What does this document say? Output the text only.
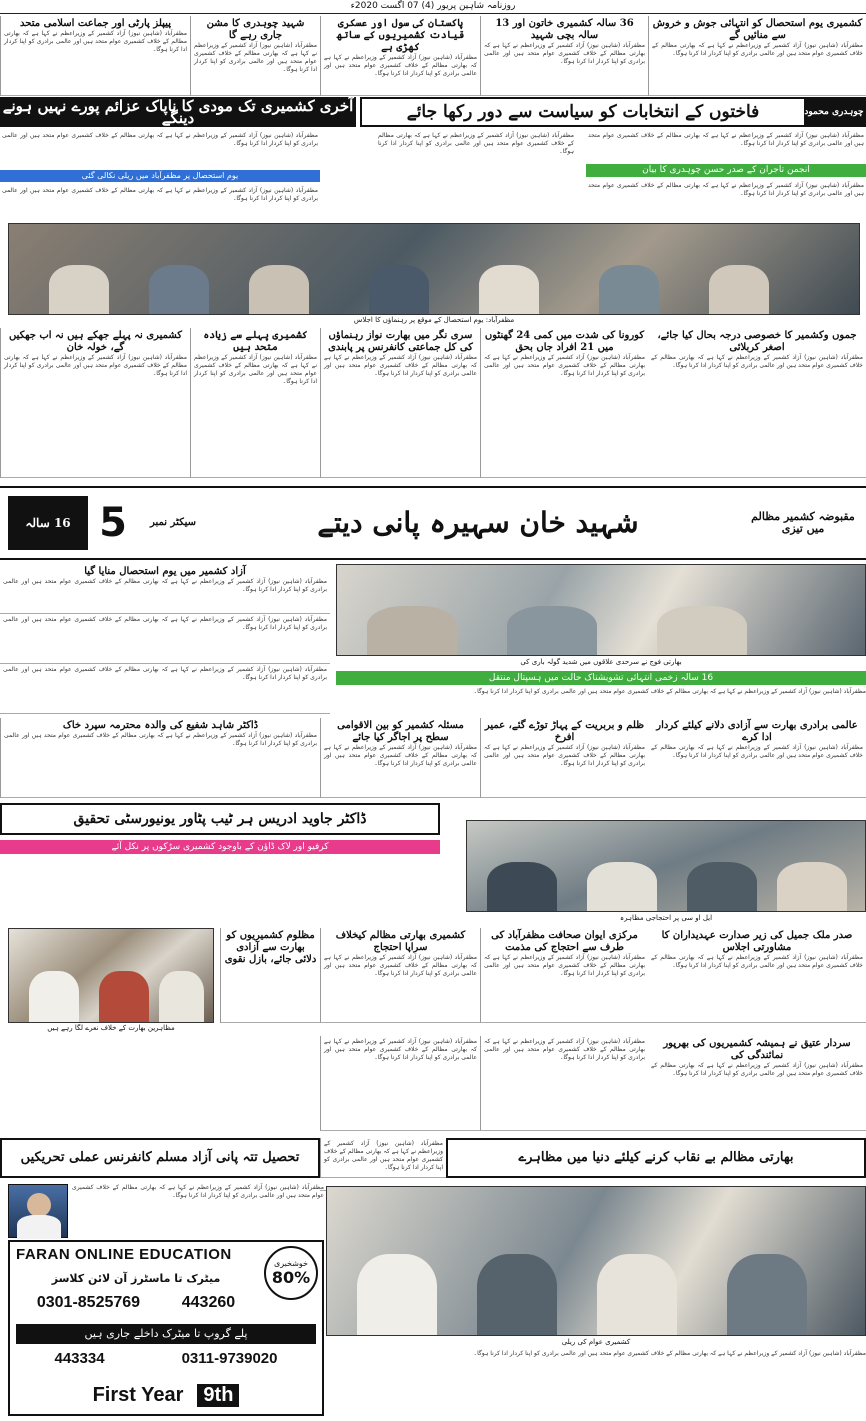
روزنامہ شاہین پریور (4) 07 اگست 2020ء
کشمیری یوم استحصال کو انتہائی جوش و خروش سے منائیں گے
مظفرآباد (شاہین نیوز) آزاد کشمیر کے وزیراعظم نے کہا ہے کہ بھارتی مظالم کے خلاف کشمیری عوام متحد ہیں اور عالمی برادری کو اپنا کردار ادا کرنا ہوگا۔
36 سالہ کشمیری خاتون اور 13 سالہ بچی شہید
مظفرآباد (شاہین نیوز) آزاد کشمیر کے وزیراعظم نے کہا ہے کہ بھارتی مظالم کے خلاف کشمیری عوام متحد ہیں اور عالمی برادری کو اپنا کردار ادا کرنا ہوگا۔
پاکستان کی سول اور عسکری قیادت کشمیریوں کے ساتھ کھڑی ہے
مظفرآباد (شاہین نیوز) آزاد کشمیر کے وزیراعظم نے کہا ہے کہ بھارتی مظالم کے خلاف کشمیری عوام متحد ہیں اور عالمی برادری کو اپنا کردار ادا کرنا ہوگا۔
شہید چوہدری کا مشن جاری رہے گا
مظفرآباد (شاہین نیوز) آزاد کشمیر کے وزیراعظم نے کہا ہے کہ بھارتی مظالم کے خلاف کشمیری عوام متحد ہیں اور عالمی برادری کو اپنا کردار ادا کرنا ہوگا۔
پیپلز پارٹی اور جماعت اسلامی متحد
مظفرآباد (شاہین نیوز) آزاد کشمیر کے وزیراعظم نے کہا ہے کہ بھارتی مظالم کے خلاف کشمیری عوام متحد ہیں اور عالمی برادری کو اپنا کردار ادا کرنا ہوگا۔
چوہدری محمود
فاختوں کے انتخابات کو سیاست سے دور رکھا جائے
آخری کشمیری تک مودی کا ناپاک عزائم پورے نہیں ہونے دینگے
مظفرآباد (شاہین نیوز) آزاد کشمیر کے وزیراعظم نے کہا ہے کہ بھارتی مظالم کے خلاف کشمیری عوام متحد ہیں اور عالمی برادری کو اپنا کردار ادا کرنا ہوگا۔
انجمن تاجران کے صدر حسن چوہدری کا بیان
مظفرآباد (شاہین نیوز) آزاد کشمیر کے وزیراعظم نے کہا ہے کہ بھارتی مظالم کے خلاف کشمیری عوام متحد ہیں اور عالمی برادری کو اپنا کردار ادا کرنا ہوگا۔
مظفرآباد (شاہین نیوز) آزاد کشمیر کے وزیراعظم نے کہا ہے کہ بھارتی مظالم کے خلاف کشمیری عوام متحد ہیں اور عالمی برادری کو اپنا کردار ادا کرنا ہوگا۔
یوم استحصال پر مظفرآباد میں ریلی نکالی گئی
مظفرآباد (شاہین نیوز) آزاد کشمیر کے وزیراعظم نے کہا ہے کہ بھارتی مظالم کے خلاف کشمیری عوام متحد ہیں اور عالمی برادری کو اپنا کردار ادا کرنا ہوگا۔
مظفرآباد (شاہین نیوز) آزاد کشمیر کے وزیراعظم نے کہا ہے کہ بھارتی مظالم کے خلاف کشمیری عوام متحد ہیں اور عالمی برادری کو اپنا کردار ادا کرنا ہوگا۔
مظفرآباد: یوم استحصال کے موقع پر رہنماؤں کا اجلاس
جموں وکشمیر کا خصوصی درجہ بحال کیا جائے، اصغر کربلائی
مظفرآباد (شاہین نیوز) آزاد کشمیر کے وزیراعظم نے کہا ہے کہ بھارتی مظالم کے خلاف کشمیری عوام متحد ہیں اور عالمی برادری کو اپنا کردار ادا کرنا ہوگا۔
کورونا کی شدت میں کمی 24 گھنٹوں میں 21 افراد جاں بحق
مظفرآباد (شاہین نیوز) آزاد کشمیر کے وزیراعظم نے کہا ہے کہ بھارتی مظالم کے خلاف کشمیری عوام متحد ہیں اور عالمی برادری کو اپنا کردار ادا کرنا ہوگا۔
سری نگر میں بھارت نواز رہنماؤں کی کل جماعتی کانفرنس پر پابندی
مظفرآباد (شاہین نیوز) آزاد کشمیر کے وزیراعظم نے کہا ہے کہ بھارتی مظالم کے خلاف کشمیری عوام متحد ہیں اور عالمی برادری کو اپنا کردار ادا کرنا ہوگا۔
کشمیری پہلے سے زیادہ متحد ہیں
مظفرآباد (شاہین نیوز) آزاد کشمیر کے وزیراعظم نے کہا ہے کہ بھارتی مظالم کے خلاف کشمیری عوام متحد ہیں اور عالمی برادری کو اپنا کردار ادا کرنا ہوگا۔
کشمیری نہ پہلے جھکے ہیں نہ اب جھکیں گے، خولہ خان
مظفرآباد (شاہین نیوز) آزاد کشمیر کے وزیراعظم نے کہا ہے کہ بھارتی مظالم کے خلاف کشمیری عوام متحد ہیں اور عالمی برادری کو اپنا کردار ادا کرنا ہوگا۔
مقبوضہ کشمیر مظالم میں تیزی
شہید خان سہیرہ پانی دیتے
سیکٹر نمبر
5
16 سالہ
آزاد کشمیر میں یوم استحصال منایا گیا
مظفرآباد (شاہین نیوز) آزاد کشمیر کے وزیراعظم نے کہا ہے کہ بھارتی مظالم کے خلاف کشمیری عوام متحد ہیں اور عالمی برادری کو اپنا کردار ادا کرنا ہوگا۔
مظفرآباد (شاہین نیوز) آزاد کشمیر کے وزیراعظم نے کہا ہے کہ بھارتی مظالم کے خلاف کشمیری عوام متحد ہیں اور عالمی برادری کو اپنا کردار ادا کرنا ہوگا۔
مظفرآباد (شاہین نیوز) آزاد کشمیر کے وزیراعظم نے کہا ہے کہ بھارتی مظالم کے خلاف کشمیری عوام متحد ہیں اور عالمی برادری کو اپنا کردار ادا کرنا ہوگا۔
بھارتی فوج نے سرحدی علاقوں میں شدید گولہ باری کی
16 سالہ زخمی انتہائی تشویشناک حالت میں ہسپتال منتقل
مظفرآباد (شاہین نیوز) آزاد کشمیر کے وزیراعظم نے کہا ہے کہ بھارتی مظالم کے خلاف کشمیری عوام متحد ہیں اور عالمی برادری کو اپنا کردار ادا کرنا ہوگا۔
عالمی برادری بھارت سے آزادی دلانے کیلئے کردار ادا کرے
مظفرآباد (شاہین نیوز) آزاد کشمیر کے وزیراعظم نے کہا ہے کہ بھارتی مظالم کے خلاف کشمیری عوام متحد ہیں اور عالمی برادری کو اپنا کردار ادا کرنا ہوگا۔
ظلم و بربریت کے پہاڑ توڑے گئے، عمیر افرخ
مظفرآباد (شاہین نیوز) آزاد کشمیر کے وزیراعظم نے کہا ہے کہ بھارتی مظالم کے خلاف کشمیری عوام متحد ہیں اور عالمی برادری کو اپنا کردار ادا کرنا ہوگا۔
مسئلہ کشمیر کو بین الاقوامی سطح پر اجاگر کیا جائے
مظفرآباد (شاہین نیوز) آزاد کشمیر کے وزیراعظم نے کہا ہے کہ بھارتی مظالم کے خلاف کشمیری عوام متحد ہیں اور عالمی برادری کو اپنا کردار ادا کرنا ہوگا۔
ڈاکٹر شاہد شفیع کی والدہ محترمہ سپرد خاک
مظفرآباد (شاہین نیوز) آزاد کشمیر کے وزیراعظم نے کہا ہے کہ بھارتی مظالم کے خلاف کشمیری عوام متحد ہیں اور عالمی برادری کو اپنا کردار ادا کرنا ہوگا۔
ڈاکٹر جاوید ادریس ہر ٹیب پٹاور یونیورسٹی تحقیق
کرفیو اور لاک ڈاؤن کے باوجود کشمیری سڑکوں پر نکل آئے
ایل او سی پر احتجاجی مظاہرہ
صدر ملک جمیل کی زیر صدارت عہدیداران کا مشاورتی اجلاس
مظفرآباد (شاہین نیوز) آزاد کشمیر کے وزیراعظم نے کہا ہے کہ بھارتی مظالم کے خلاف کشمیری عوام متحد ہیں اور عالمی برادری کو اپنا کردار ادا کرنا ہوگا۔
مرکزی ایوان صحافت مظفرآباد کی طرف سے احتجاج کی مذمت
مظفرآباد (شاہین نیوز) آزاد کشمیر کے وزیراعظم نے کہا ہے کہ بھارتی مظالم کے خلاف کشمیری عوام متحد ہیں اور عالمی برادری کو اپنا کردار ادا کرنا ہوگا۔
کشمیری بھارتی مظالم کیخلاف سراپا احتجاج
مظفرآباد (شاہین نیوز) آزاد کشمیر کے وزیراعظم نے کہا ہے کہ بھارتی مظالم کے خلاف کشمیری عوام متحد ہیں اور عالمی برادری کو اپنا کردار ادا کرنا ہوگا۔
مظلوم کشمیریوں کو بھارت سے آزادی دلائی جائے، بازل نقوی
مظاہرین بھارت کے خلاف نعرے لگا رہے ہیں
سردار عتیق نے ہمیشہ کشمیریوں کی بھرپور نمائندگی کی
مظفرآباد (شاہین نیوز) آزاد کشمیر کے وزیراعظم نے کہا ہے کہ بھارتی مظالم کے خلاف کشمیری عوام متحد ہیں اور عالمی برادری کو اپنا کردار ادا کرنا ہوگا۔
مظفرآباد (شاہین نیوز) آزاد کشمیر کے وزیراعظم نے کہا ہے کہ بھارتی مظالم کے خلاف کشمیری عوام متحد ہیں اور عالمی برادری کو اپنا کردار ادا کرنا ہوگا۔
مظفرآباد (شاہین نیوز) آزاد کشمیر کے وزیراعظم نے کہا ہے کہ بھارتی مظالم کے خلاف کشمیری عوام متحد ہیں اور عالمی برادری کو اپنا کردار ادا کرنا ہوگا۔
تحصیل تتہ پانی آزاد مسلم کانفرنس عملی تحریکیں	بھارتی مظالم بے نقاب کرنے کیلئے دنیا میں مظاہرے
مظفرآباد (شاہین نیوز) آزاد کشمیر کے وزیراعظم نے کہا ہے کہ بھارتی مظالم کے خلاف کشمیری عوام متحد ہیں اور عالمی برادری کو اپنا کردار ادا کرنا ہوگا۔
کشمیری عوام کی ریلی
مظفرآباد (شاہین نیوز) آزاد کشمیر کے وزیراعظم نے کہا ہے کہ بھارتی مظالم کے خلاف کشمیری عوام متحد ہیں اور عالمی برادری کو اپنا کردار ادا کرنا ہوگا۔
FARAN ONLINE EDUCATION
خوشخبری
80%
میٹرک تا ماسٹرز آن لائن کلاسز
0301-8525769	443260
پلے گروپ تا میٹرک داخلے جاری ہیں
443334	0311-9739020
First Year	9th
مظفرآباد (شاہین نیوز) آزاد کشمیر کے وزیراعظم نے کہا ہے کہ بھارتی مظالم کے خلاف کشمیری عوام متحد ہیں اور عالمی برادری کو اپنا کردار ادا کرنا ہوگا۔
